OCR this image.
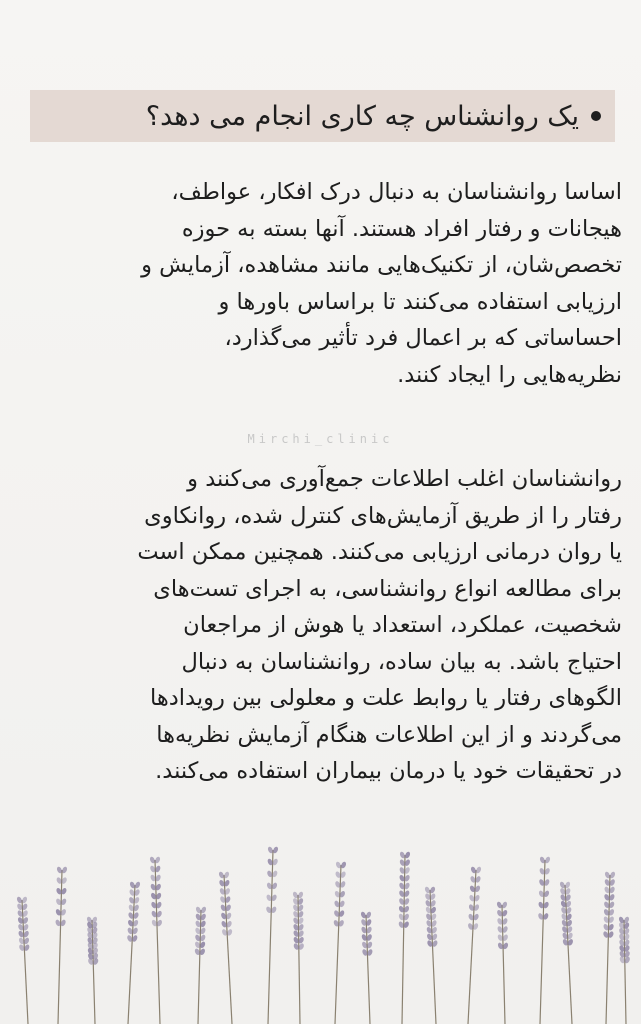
یک روانشناس چه کاری انجام می دهد؟
اساسا روانشناسان به دنبال درک افکار، عواطف،
هیجانات و رفتار افراد هستند. آنها بسته به حوزه
تخصص‌شان، از تکنیک‌هایی مانند مشاهده، آزمایش و
ارزیابی استفاده می‌کنند تا براساس باورها و
احساساتی که بر اعمال فرد تأثیر می‌گذارد،
نظریه‌هایی را ایجاد کنند.
Mirchi_clinic
روانشناسان اغلب اطلاعات جمع‌آوری می‌کنند و
رفتار را از طریق آزمایش‌های کنترل شده، روانکاوی
یا روان درمانی ارزیابی می‌کنند. همچنین ممکن است
برای مطالعه انواع روانشناسی، به اجرای تست‌های
شخصیت، عملکرد، استعداد یا هوش از مراجعان
احتیاج باشد. به بیان ساده، روانشناسان به دنبال
الگوهای رفتار یا روابط علت و معلولی بین رویدادها
می‌گردند و از این اطلاعات هنگام آزمایش نظریه‌ها
در تحقیقات خود یا درمان بیماران استفاده می‌کنند.
